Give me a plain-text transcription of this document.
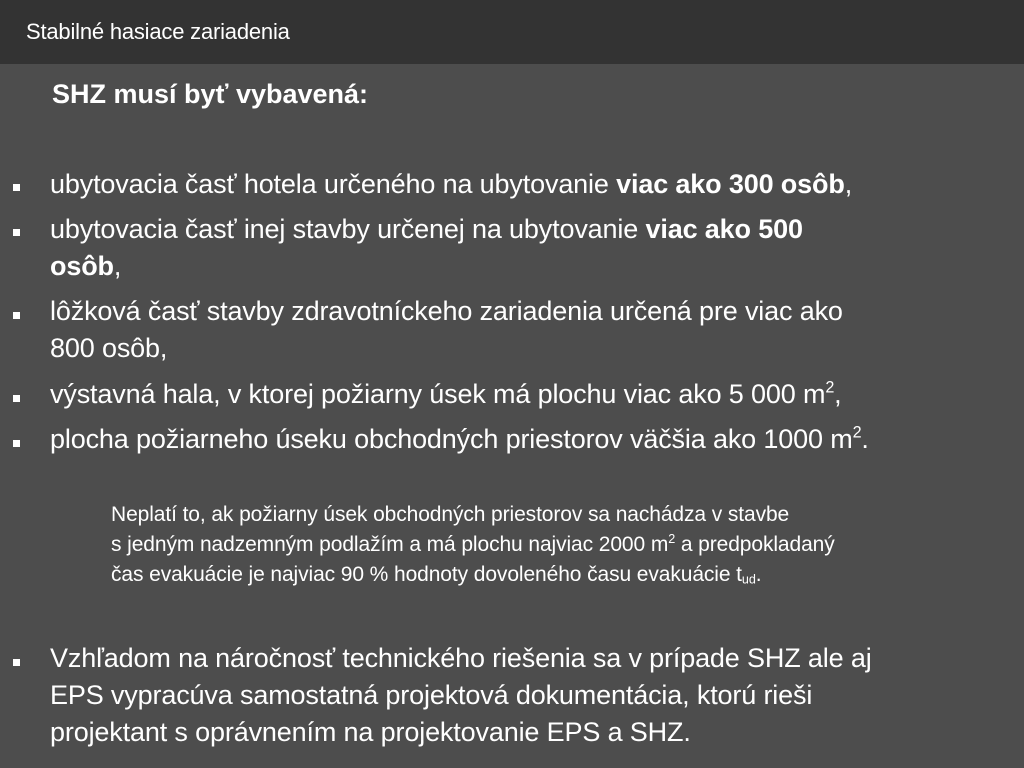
Stabilné hasiace zariadenia
SHZ musí byť vybavená:
ubytovacia časť hotela určeného na ubytovanie viac ako 300 osôb,
ubytovacia časť inej stavby určenej na ubytovanie viac ako 500
osôb,
lôžková časť stavby zdravotníckeho zariadenia určená pre viac ako
800 osôb,
výstavná hala, v ktorej požiarny úsek má plochu viac ako 5 000 $m^2$,
plocha požiarneho úseku obchodných priestorov väčšia ako 1000 $m^2$.
Vzhľadom na náročnosť technického riešenia sa v prípade SHZ ale aj
EPS vypracúva samostatná projektová dokumentácia, ktorú rieši
projektant s oprávnením na projektovanie EPS a SHZ.
Neplatí to, ak požiarny úsek obchodných priestorov sa nachádza v stavbe
s jedným nadzemným podlažím a má plochu najviac 2000 $m^2$ a predpokladaný
čas evakuácie je najviac 90 % hodnoty dovoleného času evakuácie $t_{ud}$.
